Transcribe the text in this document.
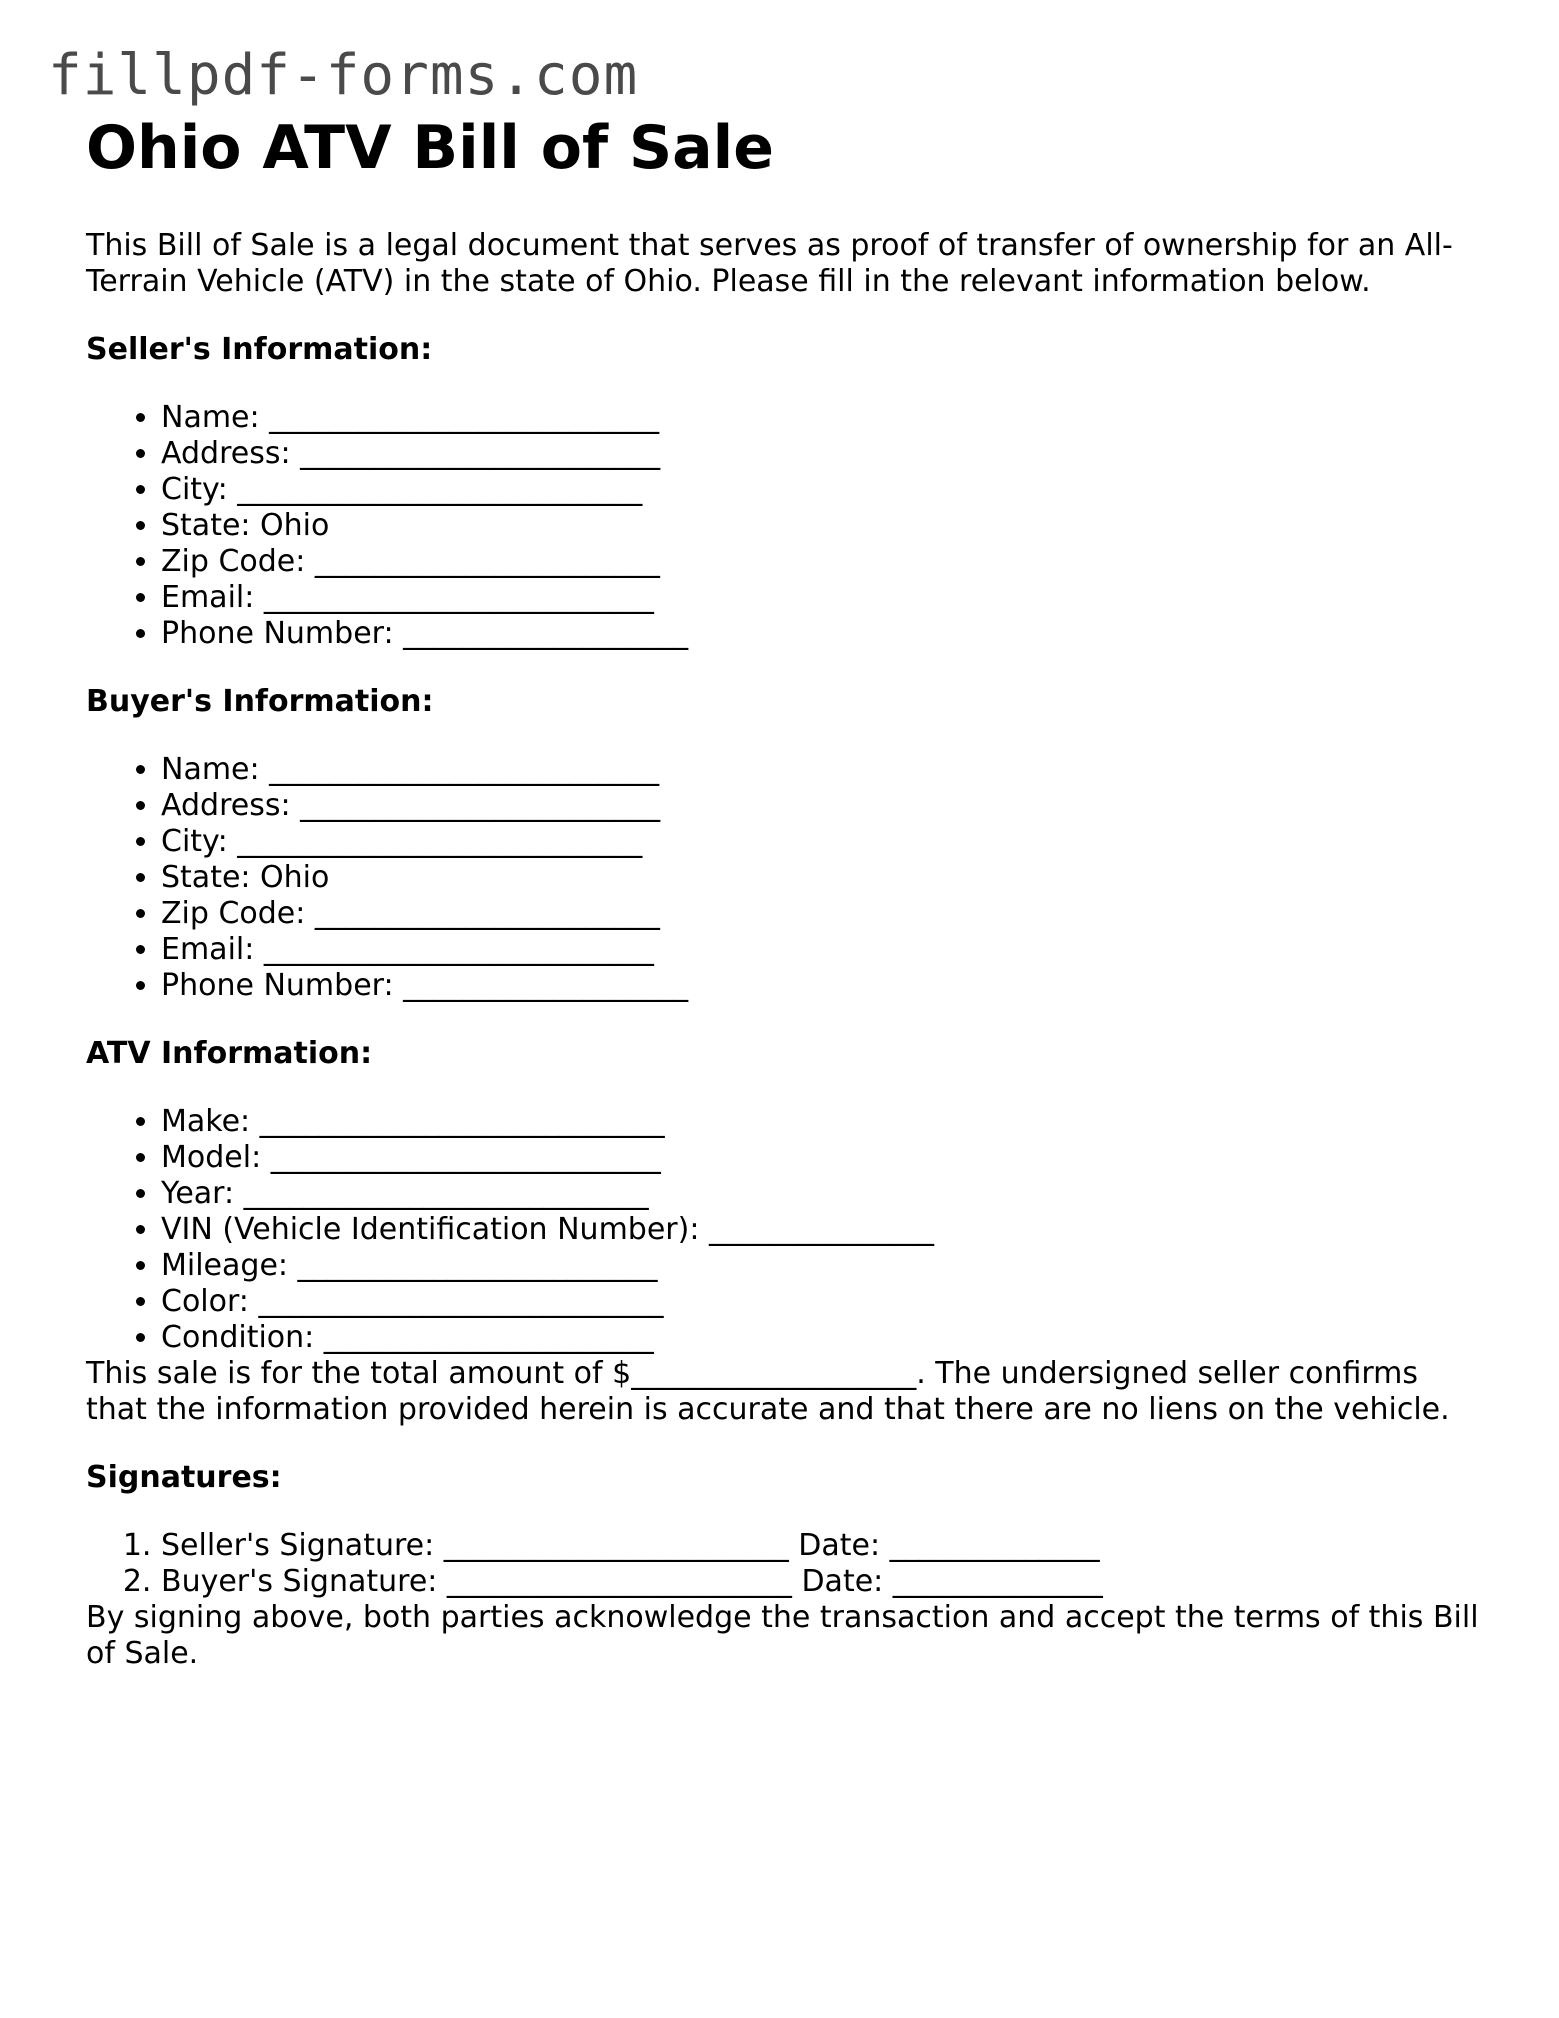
fillpdf-forms.com
Ohio ATV Bill of Sale

This Bill of Sale is a legal document that serves as proof of transfer of ownership for an All-Terrain Vehicle (ATV) in the state of Ohio. Please fill in the relevant information below.

Seller's Information:
• Name: __________________________
• Address: ________________________
• City: ___________________________
• State: Ohio
• Zip Code: _______________________
• Email: __________________________
• Phone Number: ___________________
Buyer's Information:
• Name: __________________________
• Address: ________________________
• City: ___________________________
• State: Ohio
• Zip Code: _______________________
• Email: __________________________
• Phone Number: ___________________
ATV Information:
• Make: ___________________________
• Model: __________________________
• Year: ___________________________
• VIN (Vehicle Identification Number): _______________
• Mileage: ________________________
• Color: ___________________________
• Condition: ______________________

This sale is for the total amount of $___________________. The undersigned seller confirms that the information provided herein is accurate and that there are no liens on the vehicle.

Signatures:
1. Seller's Signature: _______________________ Date: ______________
2. Buyer's Signature: _______________________ Date: ______________

By signing above, both parties acknowledge the transaction and accept the terms of this Bill of Sale.
